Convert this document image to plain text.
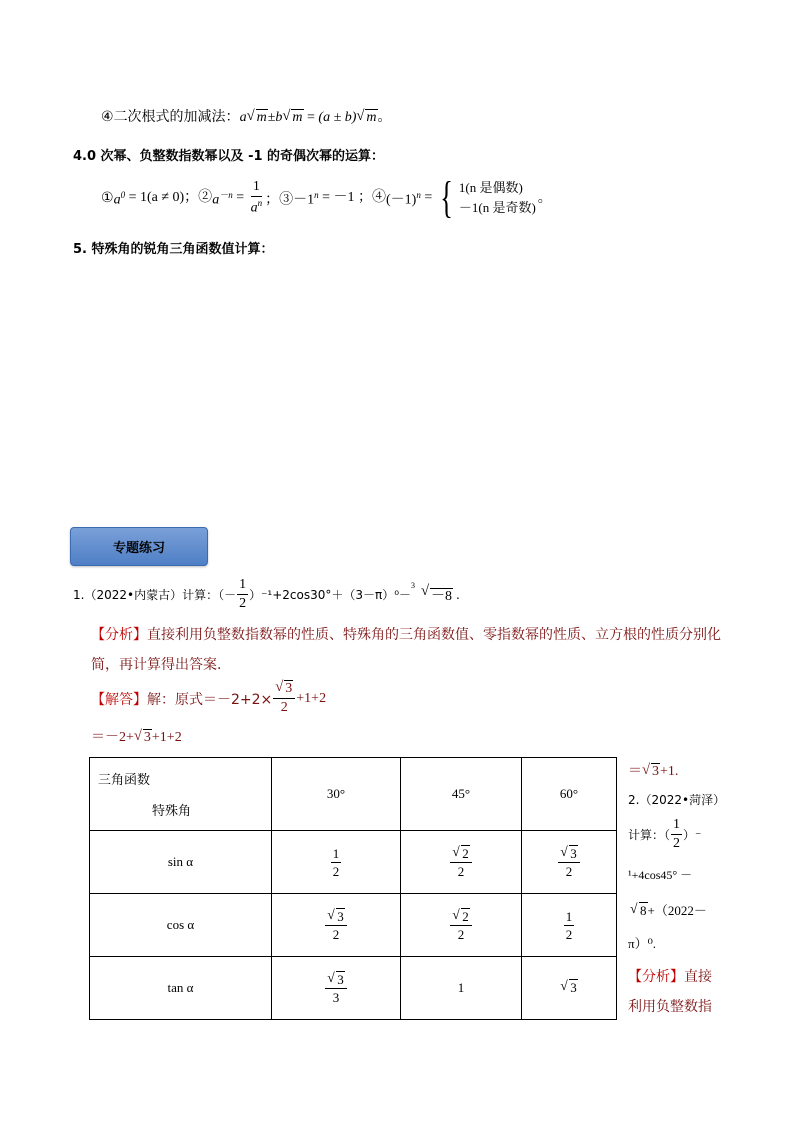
④二次根式的加减法：a √ m±b √ m = (a ± b) √ m。
4.0 次幂、负整数指数幂以及 -1 的奇偶次幂的运算：
① $a^0 = 1(a \ne 0)$；② $a^{-n} = \frac{1}{a^n}$ ；$③-1^n = -1$ ；④ $(-1)^n$ = { 1(n 是偶数)
－1(n 是奇数)
。
5. 特殊角的锐角三角函数值计算：
专题练习
1.（2022•内蒙古）计算：（－ $\frac{1}{2} )^{-1}+2\cos 30^\circ+(3-\pi)^0-$
3
√ －8 .
【分析】直接利用负整数指数幂的性质、特殊角的三角函数值、零指数幂的性质、立方根的性质分别化
简，再计算得出答案.
【解答】 解：原式＝－2+2× √ $\frac{3}{2} +1+2$
＝－2+ √ 3+1+2
三角函数
特殊角	30°	45°	60°
sin α	$\frac{1}{2}$	√ $\frac{2}{2}$	√ $\frac{3}{2}$

cos α	√ $\frac{3}{2}$	√ $\frac{2}{2}$	$\frac{1}{2}$

tan α	√ $\frac{3}{3}$	1	√ 3
＝ √ 3+1.
2.（2022•菏泽）
计算：（ $\frac{1}{2}$ ）⁻
¹+4cos45° －
√ 8+（2022－
π）⁰.
【分析】直接
利用负整数指
